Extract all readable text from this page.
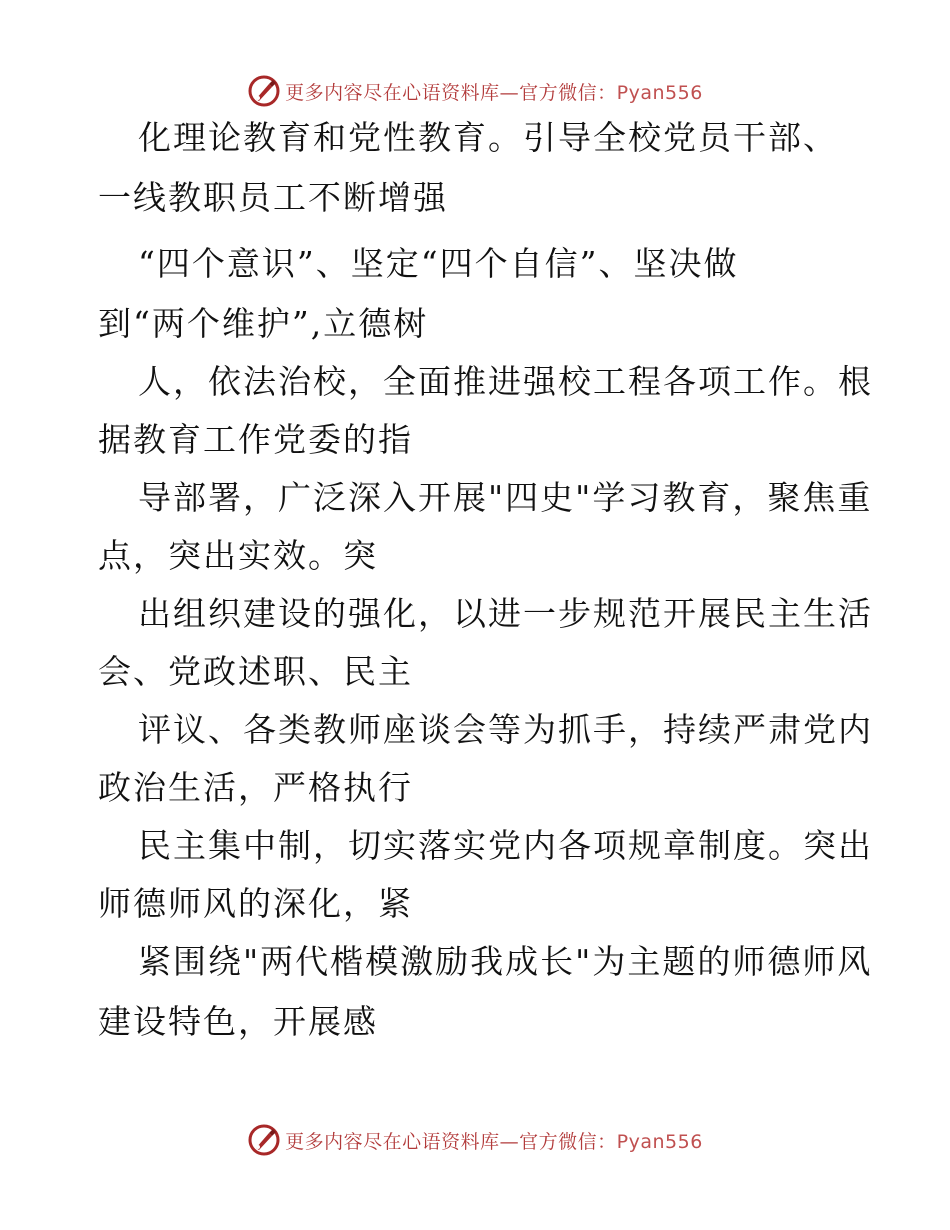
更多内容尽在心语资料库—官方微信：Pyan556
化理论教育和党性教育。引导全校党员干部、
一线教职员工不断增强
“四个意识”、坚定“四个自信”、坚决做
到“两个维护”,立德树
人，依法治校，全面推进强校工程各项工作。根
据教育工作党委的指
导部署，广泛深入开展"四史"学习教育，聚焦重
点，突出实效。突
出组织建设的强化，以进一步规范开展民主生活
会、党政述职、民主
评议、各类教师座谈会等为抓手，持续严肃党内
政治生活，严格执行
民主集中制，切实落实党内各项规章制度。突出
师德师风的深化，紧
紧围绕"两代楷模激励我成长"为主题的师德师风
建设特色，开展感
更多内容尽在心语资料库—官方微信：Pyan556
